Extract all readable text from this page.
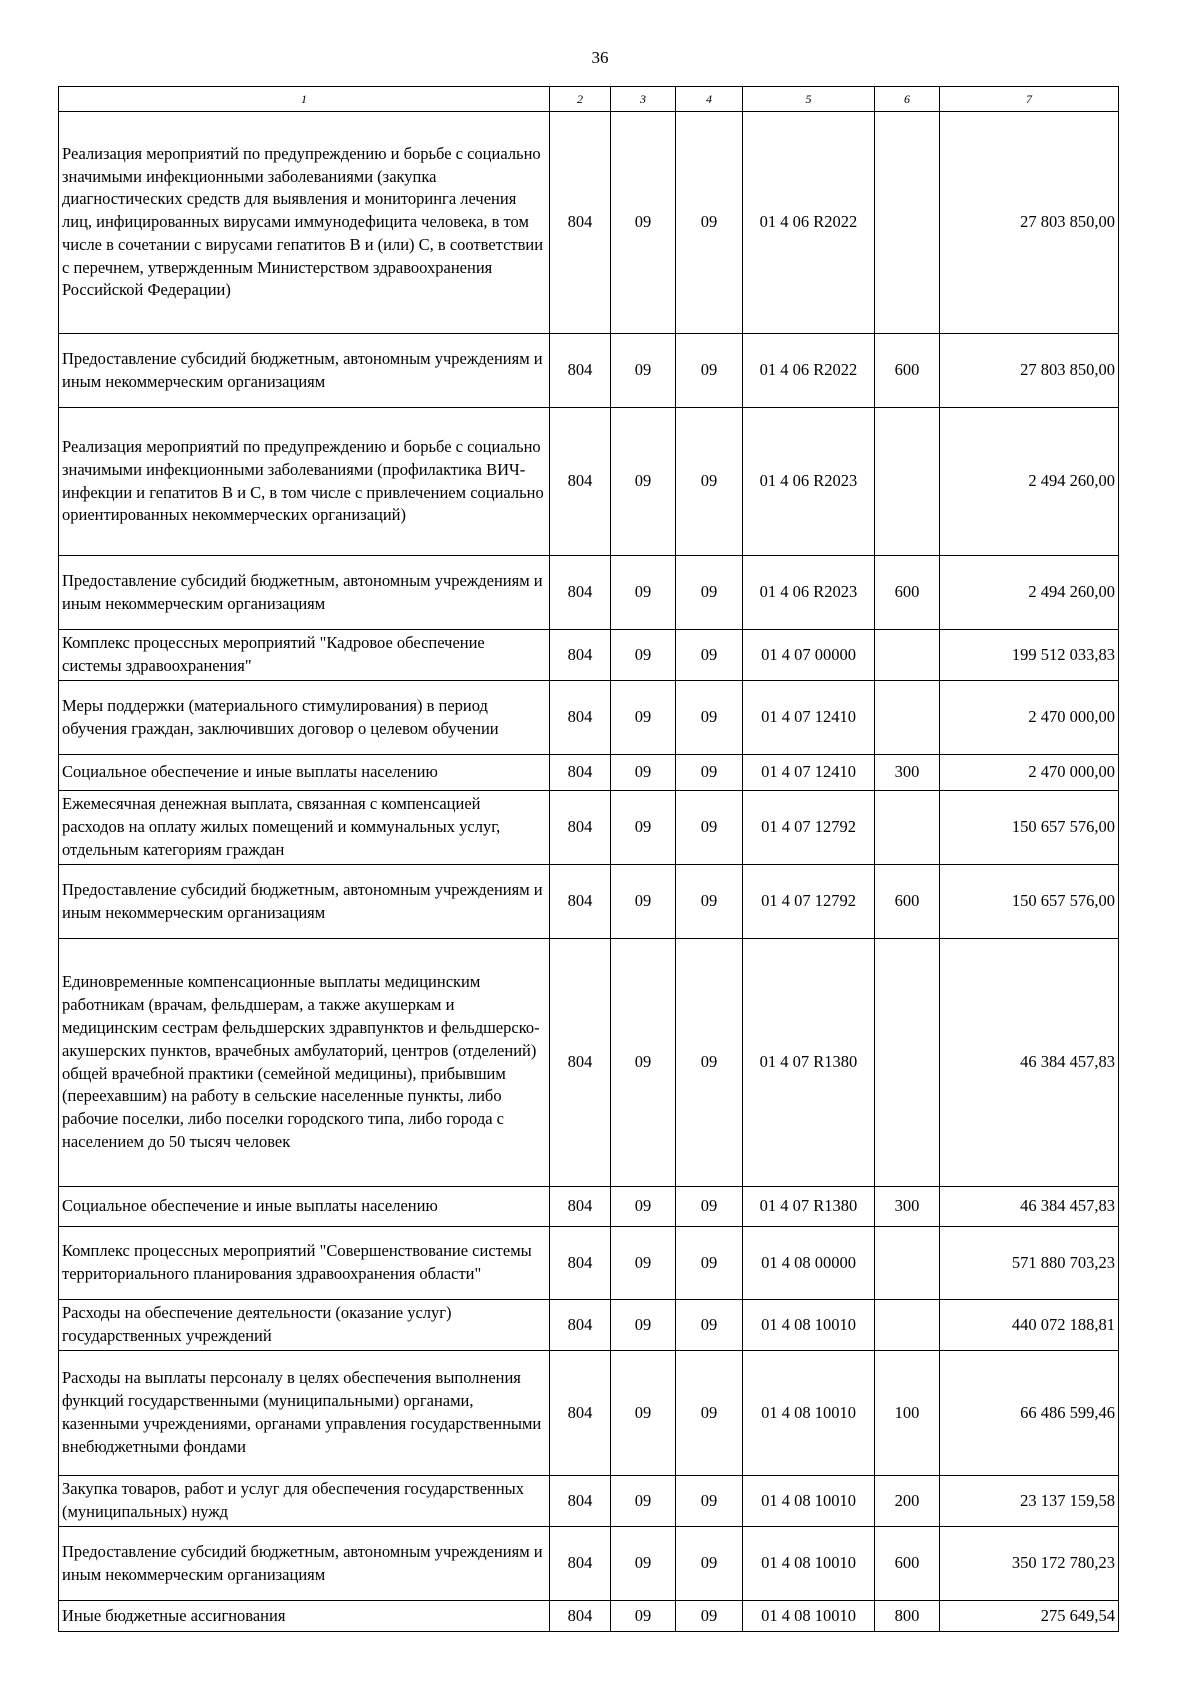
36
1	2	3	4	5	6	7
Реализация мероприятий по предупреждению и борьбе с социально значимыми инфекционными заболеваниями (закупка диагностических средств для выявления и мониторинга лечения лиц, инфицированных вирусами иммунодефицита человека, в том числе в сочетании с вирусами гепатитов B и (или) C, в соответствии с перечнем, утвержденным Министерством здравоохранения Российской Федерации)	804	09	09	01 4 06 R2022		27 803 850,00
Предоставление субсидий бюджетным, автономным учреждениям и иным некоммерческим организациям	804	09	09	01 4 06 R2022	600	27 803 850,00
Реализация мероприятий по предупреждению и борьбе с социально значимыми инфекционными заболеваниями (профилактика ВИЧ-инфекции и гепатитов B и C, в том числе с привлечением социально ориентированных некоммерческих организаций)	804	09	09	01 4 06 R2023		2 494 260,00
Предоставление субсидий бюджетным, автономным учреждениям и иным некоммерческим организациям	804	09	09	01 4 06 R2023	600	2 494 260,00
Комплекс процессных мероприятий "Кадровое обеспечение системы здравоохранения"	804	09	09	01 4 07 00000		199 512 033,83
Меры поддержки (материального стимулирования) в период обучения граждан, заключивших договор о целевом обучении	804	09	09	01 4 07 12410		2 470 000,00
Социальное обеспечение и иные выплаты населению	804	09	09	01 4 07 12410	300	2 470 000,00
Ежемесячная денежная выплата, связанная с компенсацией расходов на оплату жилых помещений и коммунальных услуг, отдельным категориям граждан	804	09	09	01 4 07 12792		150 657 576,00
Предоставление субсидий бюджетным, автономным учреждениям и иным некоммерческим организациям	804	09	09	01 4 07 12792	600	150 657 576,00
Единовременные компенсационные выплаты медицинским работникам (врачам, фельдшерам, а также акушеркам и медицинским сестрам фельдшерских здравпунктов и фельдшерско-акушерских пунктов, врачебных амбулаторий, центров (отделений) общей врачебной практики (семейной медицины), прибывшим (переехавшим) на работу в сельские населенные пункты, либо рабочие поселки, либо поселки городского типа, либо города с населением до 50 тысяч человек	804	09	09	01 4 07 R1380		46 384 457,83
Социальное обеспечение и иные выплаты населению	804	09	09	01 4 07 R1380	300	46 384 457,83
Комплекс процессных мероприятий "Совершенствование системы территориального планирования здравоохранения области"	804	09	09	01 4 08 00000		571 880 703,23
Расходы на обеспечение деятельности (оказание услуг) государственных учреждений	804	09	09	01 4 08 10010		440 072 188,81
Расходы на выплаты персоналу в целях обеспечения выполнения функций государственными (муниципальными) органами, казенными учреждениями, органами управления государственными внебюджетными фондами	804	09	09	01 4 08 10010	100	66 486 599,46
Закупка товаров, работ и услуг для обеспечения государственных (муниципальных) нужд	804	09	09	01 4 08 10010	200	23 137 159,58
Предоставление субсидий бюджетным, автономным учреждениям и иным некоммерческим организациям	804	09	09	01 4 08 10010	600	350 172 780,23
Иные бюджетные ассигнования	804	09	09	01 4 08 10010	800	275 649,54
